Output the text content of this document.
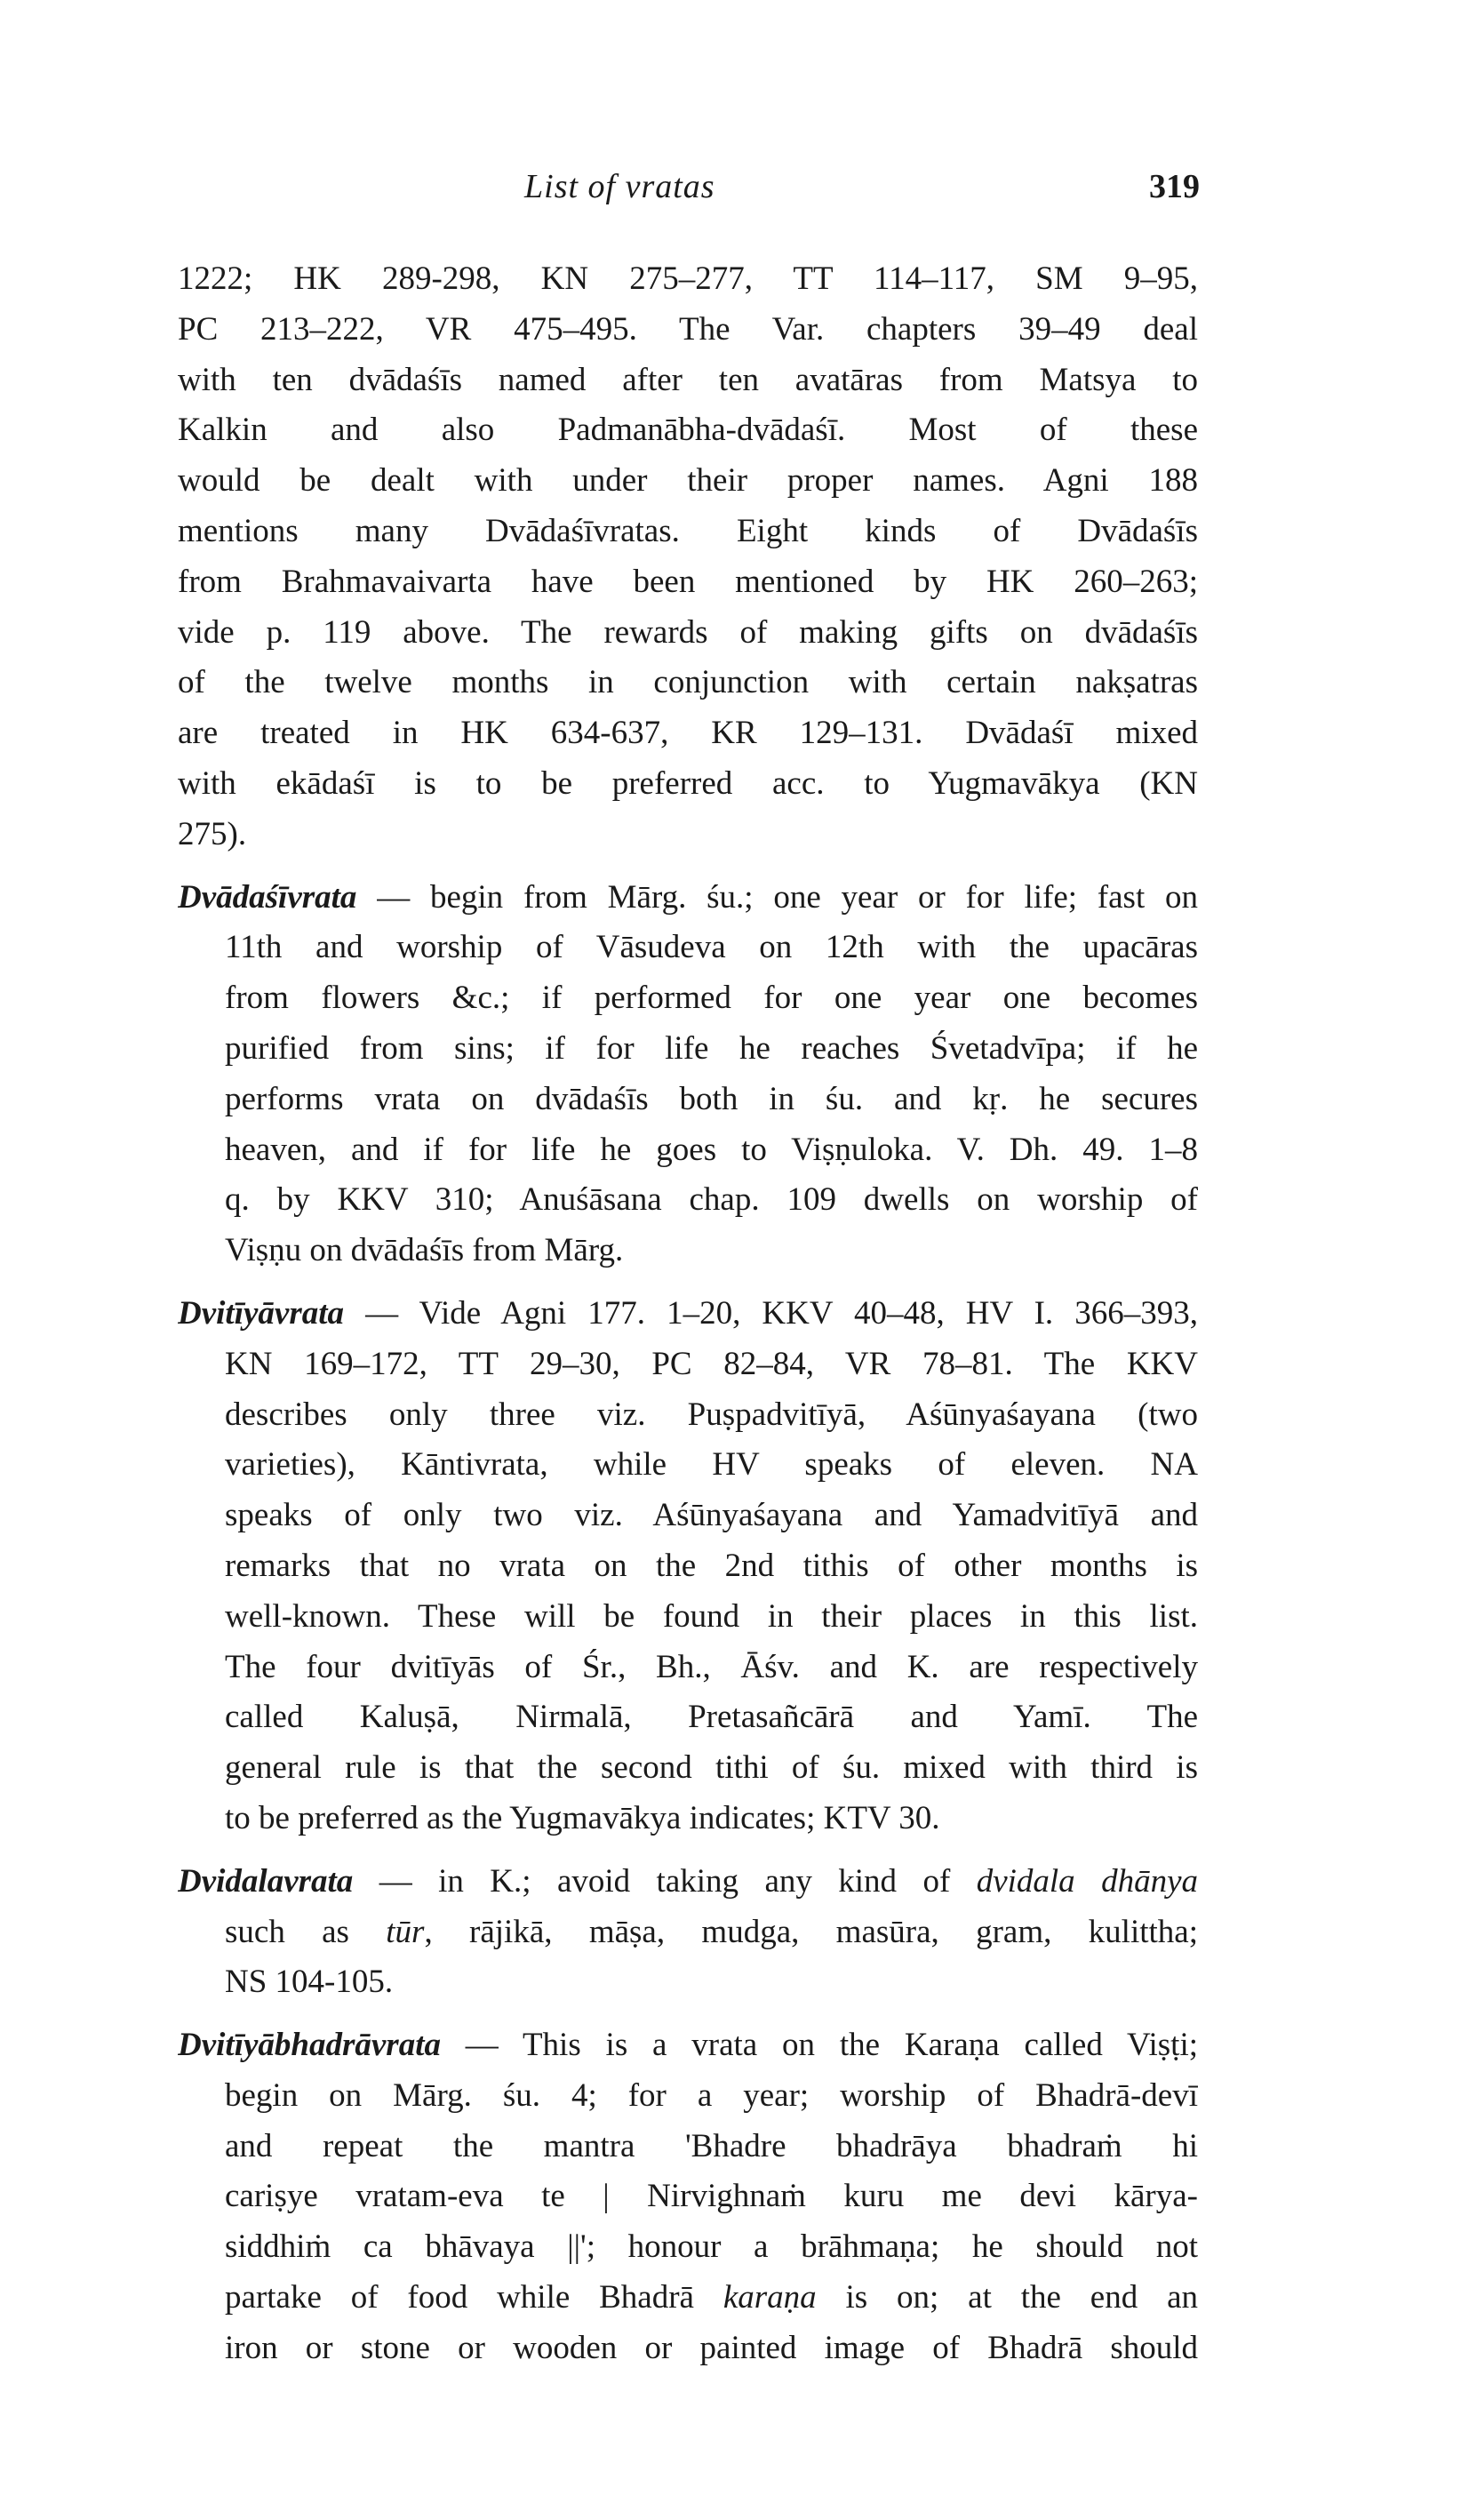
List of vratas	319

1222; HK 289-298, KN 275–277, TT 114–117, SM 9–95,
PC 213–222, VR 475–495. The Var. chapters 39–49 deal
with ten dvādaśīs named after ten avatāras from Matsya to
Kalkin and also Padmanābha-dvādaśī. Most of these
would be dealt with under their proper names. Agni 188
mentions many Dvādaśīvratas. Eight kinds of Dvādaśīs
from Brahmavaivarta have been mentioned by HK 260–263;
vide p. 119 above. The rewards of making gifts on dvādaśīs
of the twelve months in conjunction with certain nakṣatras
are treated in HK 634-637, KR 129–131. Dvādaśī mixed
with ekādaśī is to be preferred acc. to Yugmavākya (KN
275).

Dvādaśīvrata — begin from Mārg. śu.; one year or for life; fast on
11th and worship of Vāsudeva on 12th with the upacāras
from flowers &c.; if performed for one year one becomes
purified from sins; if for life he reaches Śvetadvīpa; if he
performs vrata on dvādaśīs both in śu. and kṛ. he secures
heaven, and if for life he goes to Viṣṇuloka. V. Dh. 49. 1–8
q. by KKV 310; Anuśāsana chap. 109 dwells on worship of
Viṣṇu on dvādaśīs from Mārg.

Dvitīyāvrata — Vide Agni 177. 1–20, KKV 40–48, HV I. 366–393,
KN 169–172, TT 29–30, PC 82–84, VR 78–81. The KKV
describes only three viz. Puṣpadvitīyā, Aśūnyaśayana (two
varieties), Kāntivrata, while HV speaks of eleven. NA
speaks of only two viz. Aśūnyaśayana and Yamadvitīyā and
remarks that no vrata on the 2nd tithis of other months is
well-known. These will be found in their places in this list.
The four dvitīyās of Śr., Bh., Āśv. and K. are respectively
called Kaluṣā, Nirmalā, Pretasañcārā and Yamī. The
general rule is that the second tithi of śu. mixed with third is
to be preferred as the Yugmavākya indicates; KTV 30.

Dvidalavrata — in K.; avoid taking any kind of dvidala dhānya
such as tūr, rājikā, māṣa, mudga, masūra, gram, kulittha;
NS 104-105.

Dvitīyābhadrāvrata — This is a vrata on the Karaṇa called Viṣṭi;
begin on Mārg. śu. 4; for a year; worship of Bhadrā-devī
and repeat the mantra 'Bhadre bhadrāya bhadraṁ hi
cariṣye vratam-eva te | Nirvighnaṁ kuru me devi kārya-
siddhiṁ ca bhāvaya ||'; honour a brāhmaṇa; he should not
partake of food while Bhadrā karaṇa is on; at the end an
iron or stone or wooden or painted image of Bhadrā should
